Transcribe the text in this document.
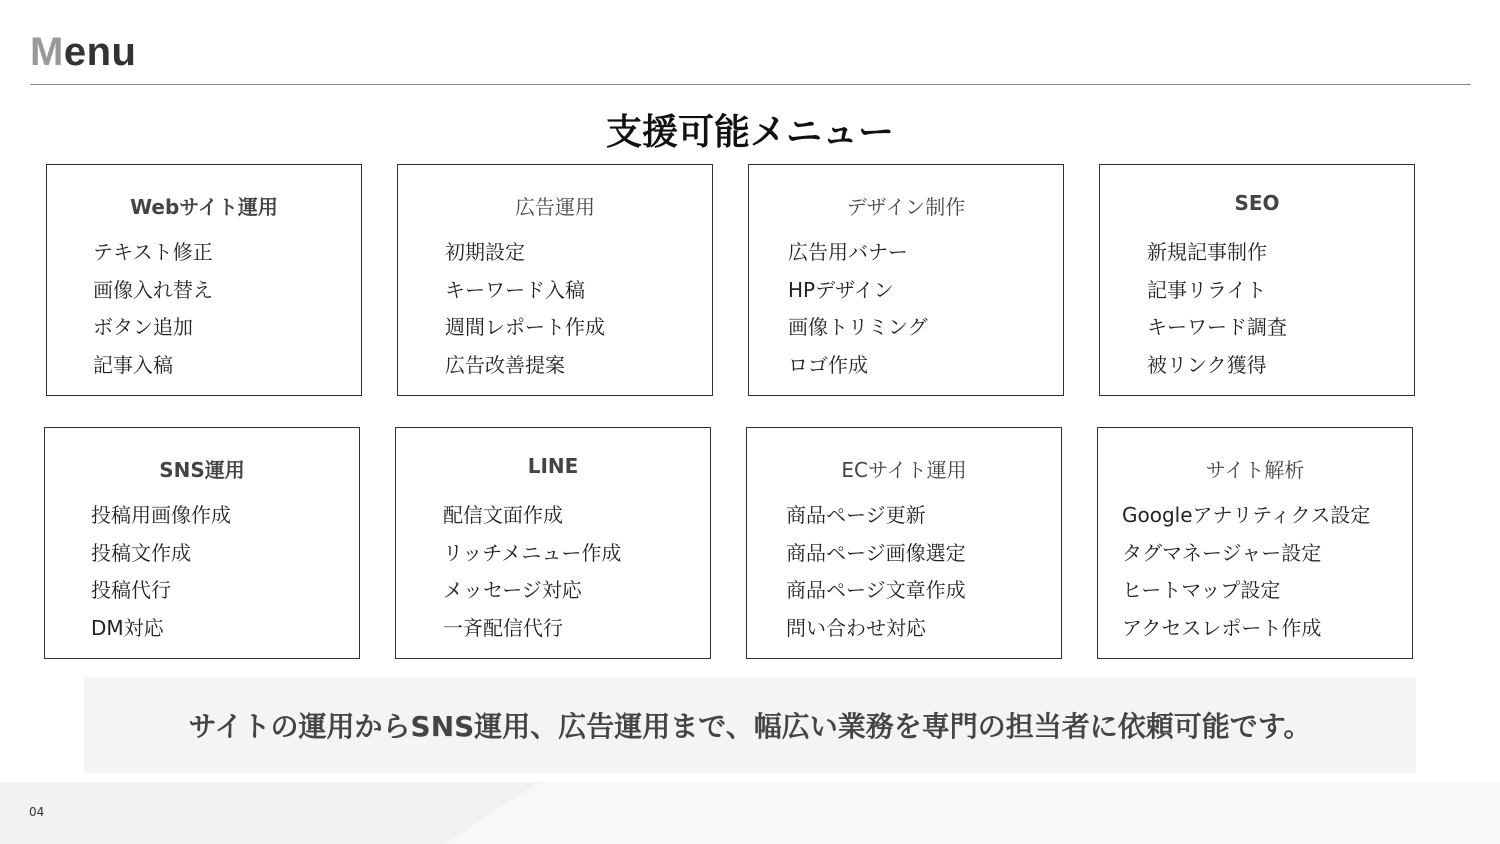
Menu
支援可能メニュー
Webサイト運用
テキスト修正
画像入れ替え
ボタン追加
記事入稿
広告運用
初期設定
キーワード入稿
週間レポート作成
広告改善提案
デザイン制作
広告用バナー
HPデザイン
画像トリミング
ロゴ作成
SEO
新規記事制作
記事リライト
キーワード調査
被リンク獲得
SNS運用
投稿用画像作成
投稿文作成
投稿代行
DM対応
LINE
配信文面作成
リッチメニュー作成
メッセージ対応
一斉配信代行
ECサイト運用
商品ページ更新
商品ページ画像選定
商品ページ文章作成
問い合わせ対応
サイト解析
Googleアナリティクス設定
タグマネージャー設定
ヒートマップ設定
アクセスレポート作成
サイトの運用からSNS運用、広告運用まで、幅広い業務を専門の担当者に依頼可能です。
04
